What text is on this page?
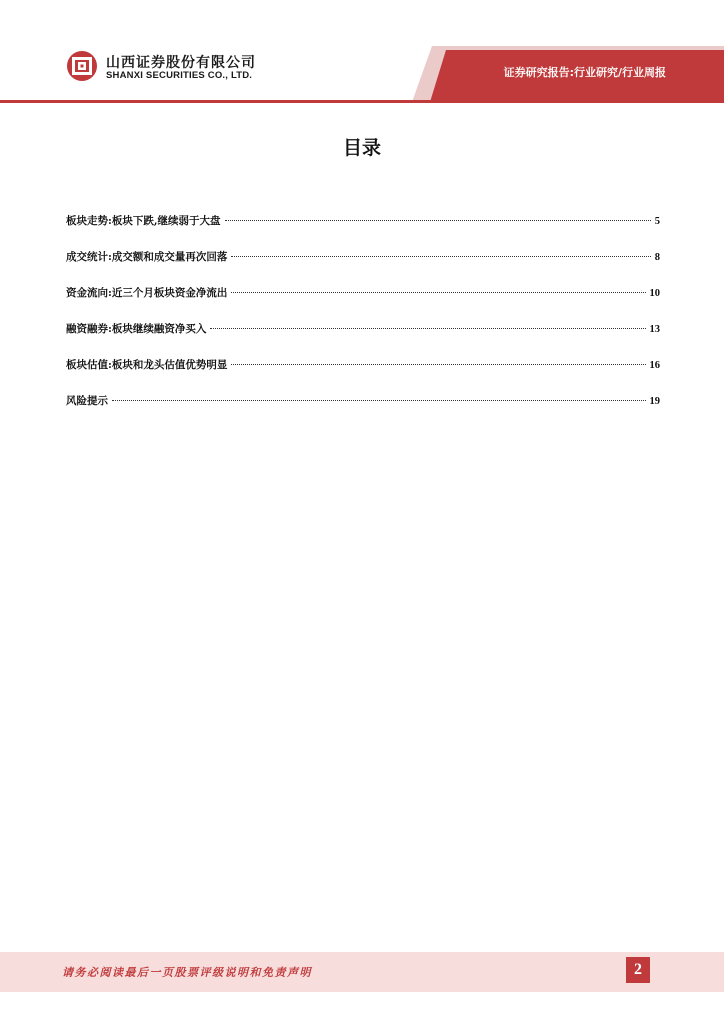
山西证券股份有限公司
SHANXI SECURITIES CO., LTD.	证券研究报告:行业研究/行业周报
目录
板块走势:板块下跌,继续弱于大盘	5
成交统计:成交额和成交量再次回落	8
资金流向:近三个月板块资金净流出	10
融资融券:板块继续融资净买入	13
板块估值:板块和龙头估值优势明显	16
风险提示	19
请务必阅读最后一页股票评级说明和免责声明	2
